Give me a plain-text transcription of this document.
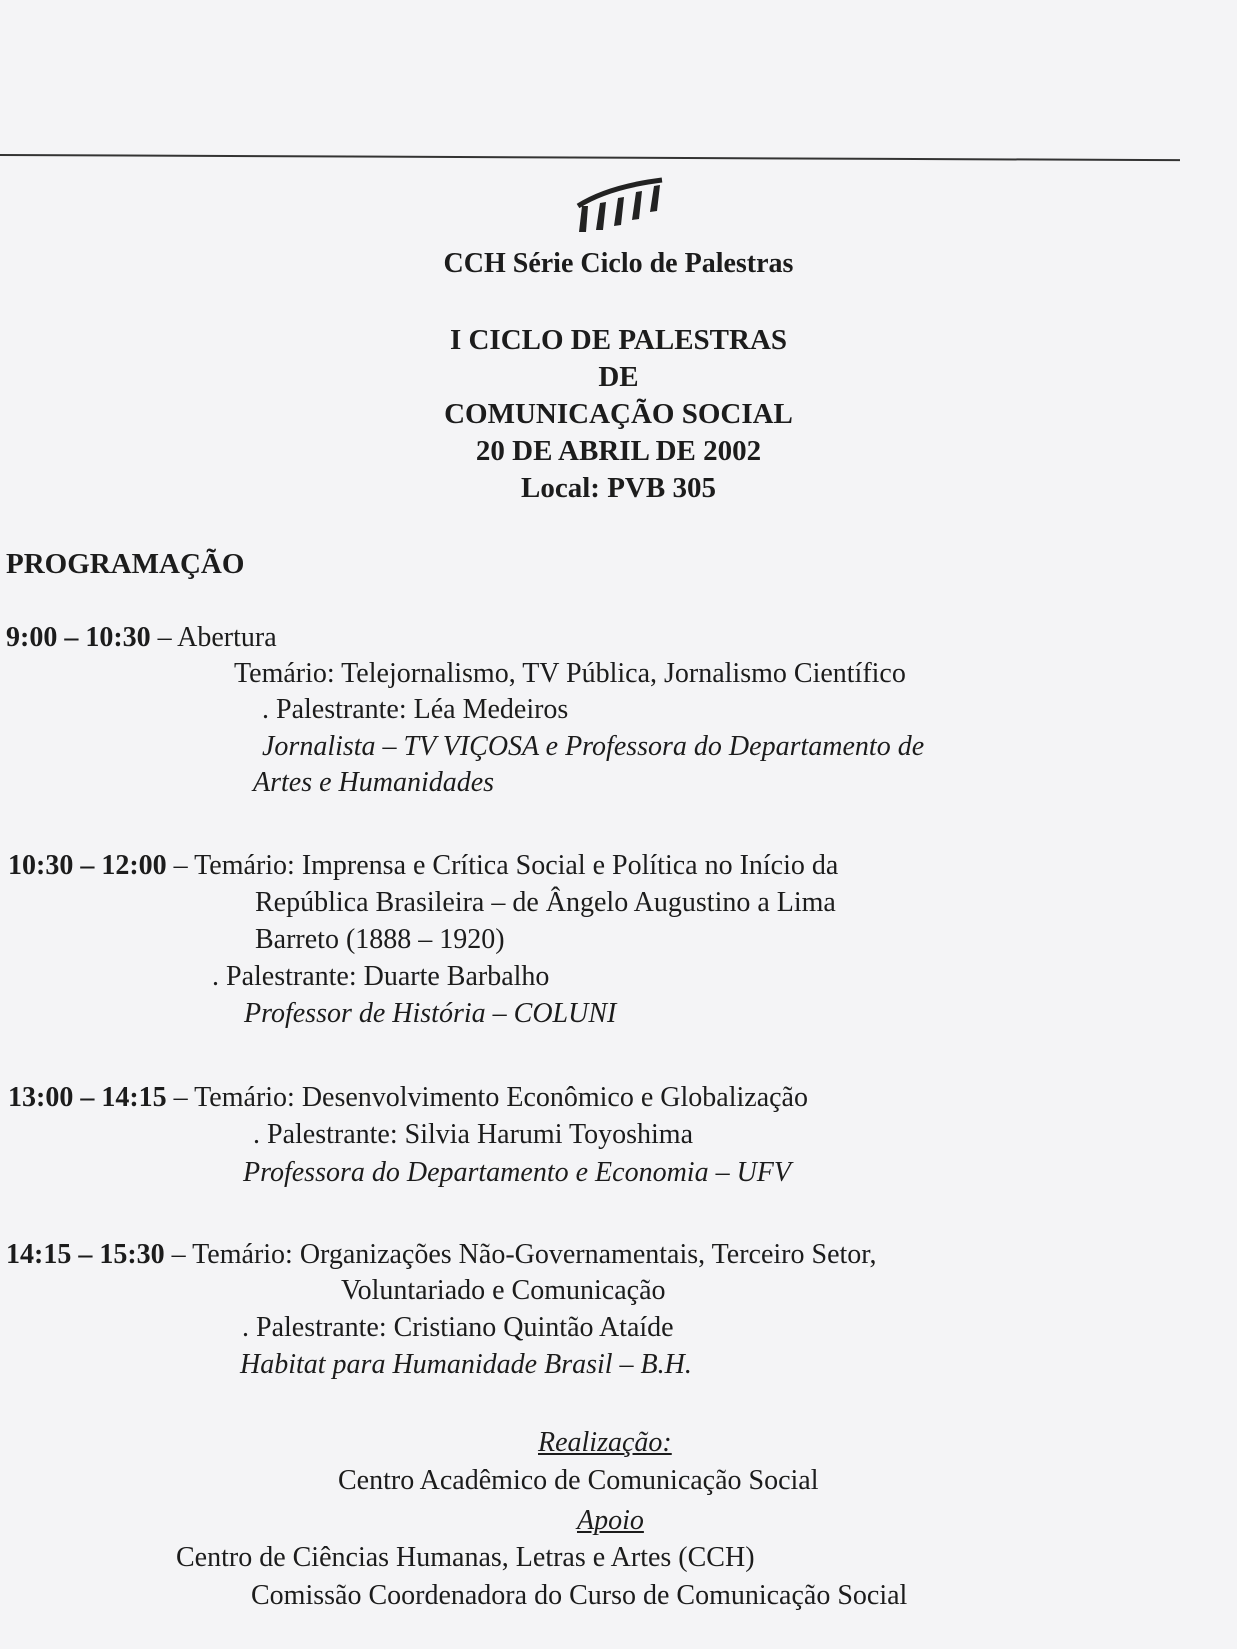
CCH Série Ciclo de Palestras
I CICLO DE PALESTRAS
DE
COMUNICAÇÃO SOCIAL
20 DE ABRIL DE 2002
Local: PVB 305
PROGRAMAÇÃO
9:00 – 10:30 – Abertura
Temário: Telejornalismo, TV Pública, Jornalismo Científico
. Palestrante: Léa Medeiros
Jornalista – TV VIÇOSA e Professora do Departamento de
Artes e Humanidades
10:30 – 12:00 – Temário: Imprensa e Crítica Social e Política no Início da
República Brasileira – de Ângelo Augustino a Lima
Barreto (1888 – 1920)
. Palestrante: Duarte Barbalho
Professor de História – COLUNI
13:00 – 14:15 – Temário: Desenvolvimento Econômico e Globalização
. Palestrante: Silvia Harumi Toyoshima
Professora do Departamento e Economia – UFV
14:15 – 15:30 – Temário: Organizações Não-Governamentais, Terceiro Setor,
Voluntariado e Comunicação
. Palestrante: Cristiano Quintão Ataíde
Habitat para Humanidade Brasil – B.H.
Realização:
Centro Acadêmico de Comunicação Social
Apoio
Centro de Ciências Humanas, Letras e Artes (CCH)
Comissão Coordenadora do Curso de Comunicação Social
